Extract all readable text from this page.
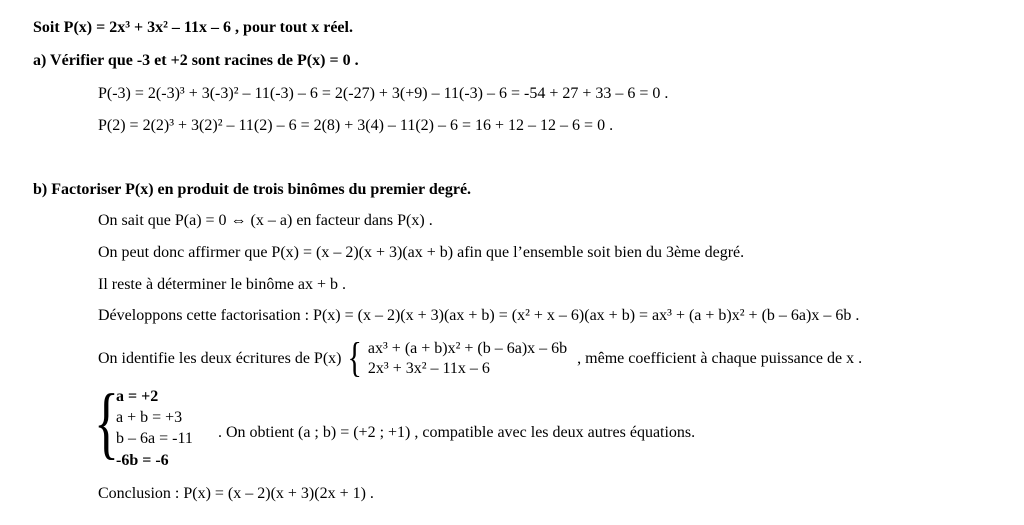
Soit P(x) = 2x³ + 3x² – 11x – 6 , pour tout x réel.
a) Vérifier que -3 et +2 sont racines de P(x) = 0 .
P(-3) = 2(-3)³ + 3(-3)² – 11(-3) – 6 = 2(-27) + 3(+9) – 11(-3) – 6 = -54 + 27 + 33 – 6 = 0 .
P(2) = 2(2)³ + 3(2)² – 11(2) – 6 = 2(8) + 3(4) – 11(2) – 6 = 16 + 12 – 12 – 6 = 0 .
b) Factoriser P(x) en produit de trois binômes du premier degré.
On sait que P(a) = 0 ⇔ (x – a) en facteur dans P(x) .
On peut donc affirmer que P(x) = (x – 2)(x + 3)(ax + b) afin que l’ensemble soit bien du 3ème degré.
Il reste à déterminer le binôme ax + b .
Développons cette factorisation : P(x) = (x – 2)(x + 3)(ax + b) = (x² + x – 6)(ax + b) = ax³ + (a + b)x² + (b – 6a)x – 6b .
On identifie les deux écritures de P(x) { ax³ + (a + b)x² + (b – 6a)x – 6b
2x³ + 3x² – 11x – 6
, même coefficient à chaque puissance de x .
{
a = +2
a + b = +3
b – 6a = -11
-6b = -6
. On obtient (a ; b) = (+2 ; +1) , compatible avec les deux autres équations.
Conclusion : P(x) = (x – 2)(x + 3)(2x + 1) .
